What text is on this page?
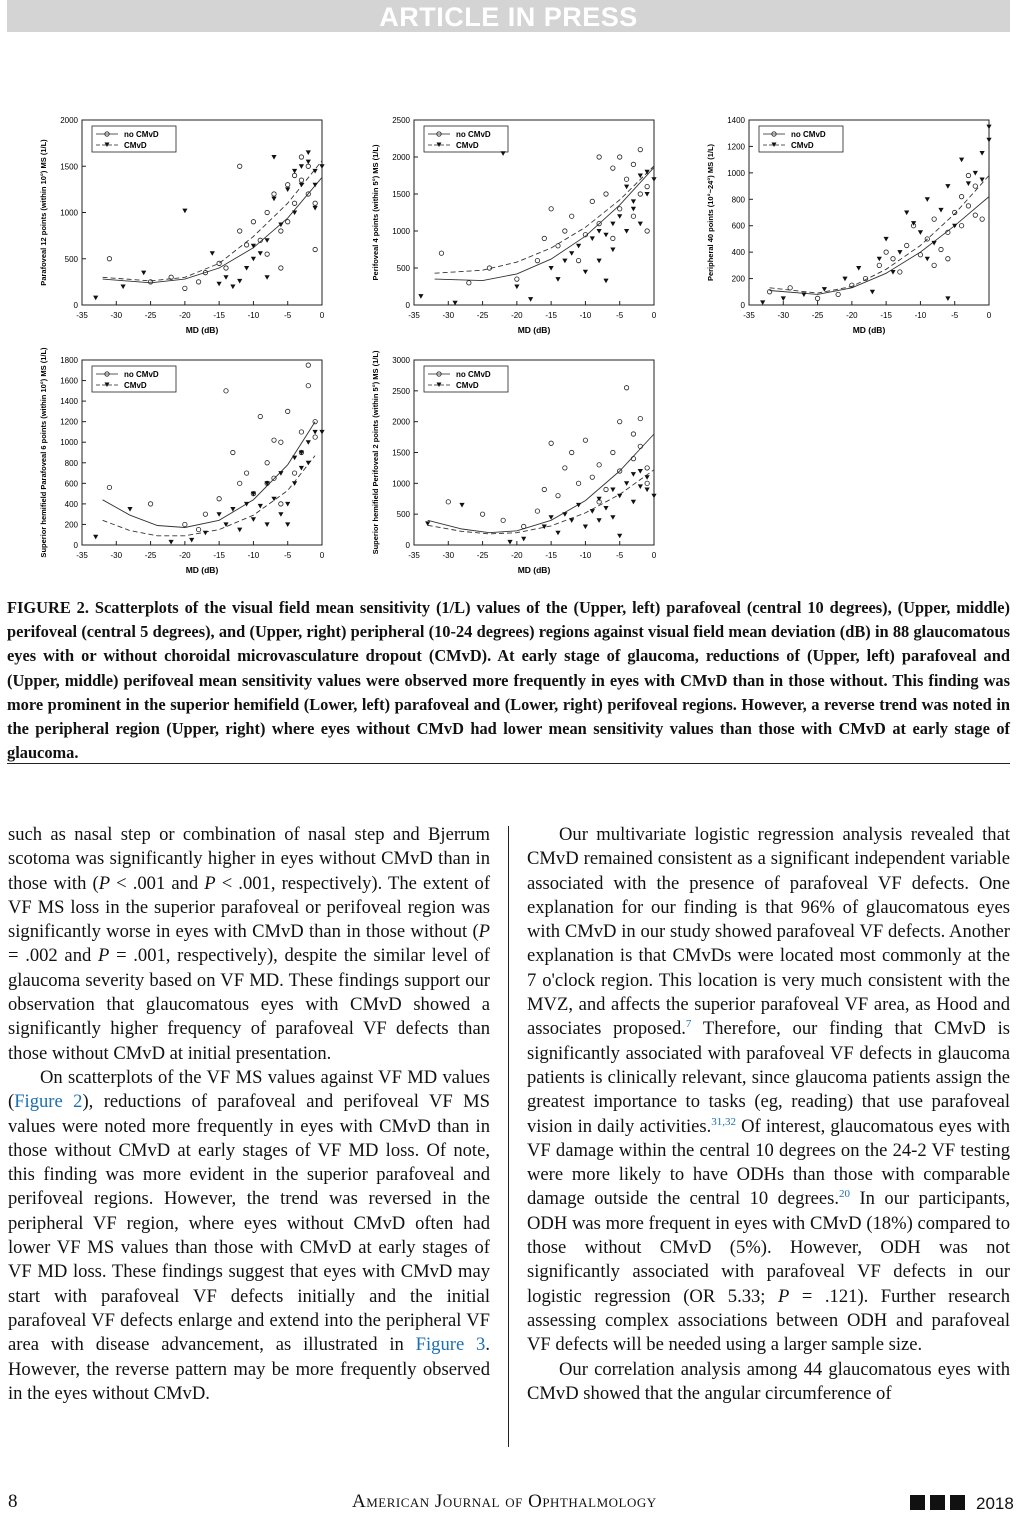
ARTICLE IN PRESS
-35	-30	-25	-20	-15	-10	-5	0
0
500
1000
1500
2000
MD (dB)
Parafoveal 12 points (within 10°) MS (1/L)
no CMvD
CMvD
-35	-30	-25	-20	-15	-10	-5	0
0
500
1000
1500
2000
2500
MD (dB)
Perifoveal 4 points (within 5°) MS (1/L)
no CMvD
CMvD
-35	-30	-25	-20	-15	-10	-5	0
0
200
400
600
800
1000
1200
1400
MD (dB)
Peripheral 40 points (10°~24°) MS (1/L)
no CMvD
CMvD
-35	-30	-25	-20	-15	-10	-5	0
0
200
400
600
800
1000
1200
1400
1600
1800
MD (dB)
Superior hemifield Parafoveal 6 points (within 10°) MS (1/L)	no CMvD
CMvD
-35	-30	-25	-20	-15	-10	-5	0
0
500
1000
1500
2000
2500
3000
MD (dB)
Superior hemifield Perifoveal 2 points (within 5°) MS (1/L)	no CMvD
CMvD
FIGURE 2. Scatterplots of the visual field mean sensitivity (1/L) values of the (Upper, left) parafoveal (central 10 degrees), (Upper, middle) perifoveal (central 5 degrees), and (Upper, right) peripheral (10-24 degrees) regions against visual field mean deviation (dB) in 88 glaucomatous eyes with or without choroidal microvasculature dropout (CMvD). At early stage of glaucoma, reductions of (Upper, left) parafoveal and (Upper, middle) perifoveal mean sensitivity values were observed more frequently in eyes with CMvD than in those without. This finding was more prominent in the superior hemifield (Lower, left) parafoveal and (Lower, right) perifoveal regions. However, a reverse trend was noted in the peripheral region (Upper, right) where eyes without CMvD had lower mean sensitivity values than those with CMvD at early stage of glaucoma.

such as nasal step or combination of nasal step and Bjerrum scotoma was significantly higher in eyes without CMvD than in those with (P < .001 and P < .001, respectively). The extent of VF MS loss in the superior parafoveal or perifoveal region was significantly worse in eyes with CMvD than in those without (P = .002 and P = .001, respectively), despite the similar level of glaucoma severity based on VF MD. These findings support our observation that glaucomatous eyes with CMvD showed a significantly higher frequency of parafoveal VF defects than those without CMvD at initial presentation.

On scatterplots of the VF MS values against VF MD values (Figure 2), reductions of parafoveal and perifoveal VF MS values were noted more frequently in eyes with CMvD than in those without CMvD at early stages of VF MD loss. Of note, this finding was more evident in the superior parafoveal and perifoveal regions. However, the trend was reversed in the peripheral VF region, where eyes without CMvD often had lower VF MS values than those with CMvD at early stages of VF MD loss. These findings suggest that eyes with CMvD may start with parafoveal VF defects initially and the initial parafoveal VF defects enlarge and extend into the peripheral VF area with disease advancement, as illustrated in Figure 3. However, the reverse pattern may be more frequently observed in the eyes without CMvD.

Our multivariate logistic regression analysis revealed that CMvD remained consistent as a significant independent variable associated with the presence of parafoveal VF defects. One explanation for our finding is that 96% of glaucomatous eyes with CMvD in our study showed parafoveal VF defects. Another explanation is that CMvDs were located most commonly at the 7 o'clock region. This location is very much consistent with the MVZ, and affects the superior parafoveal VF area, as Hood and associates proposed.$^7$ Therefore, our finding that CMvD is significantly associated with parafoveal VF defects in glaucoma patients is clinically relevant, since glaucoma patients assign the greatest importance to tasks (eg, reading) that use parafoveal vision in daily activities.$^{31,32}$ Of interest, glaucomatous eyes with VF damage within the central 10 degrees on the 24-2 VF testing were more likely to have ODHs than those with comparable damage outside the central 10 degrees.$^{20}$ In our participants, ODH was more frequent in eyes with CMvD (18%) compared to those without CMvD (5%). However, ODH was not significantly associated with parafoveal VF defects in our logistic regression (OR 5.33; P = .121). Further research assessing complex associations between ODH and parafoveal VF defects will be needed using a larger sample size.

Our correlation analysis among 44 glaucomatous eyes with CMvD showed that the angular circumference of

8	American Journal of Ophthalmology	2018
